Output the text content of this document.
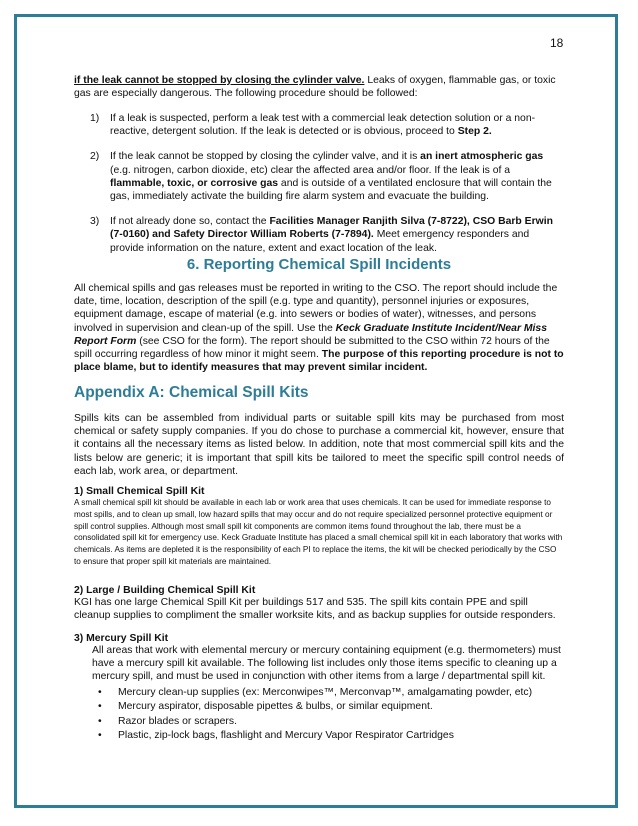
18

if the leak cannot be stopped by closing the cylinder valve. Leaks of oxygen, flammable gas, or toxic gas are especially dangerous. The following procedure should be followed:

1) If a leak is suspected, perform a leak test with a commercial leak detection solution or a non-reactive, detergent solution. If the leak is detected or is obvious, proceed to Step 2.
2) If the leak cannot be stopped by closing the cylinder valve, and it is an inert atmospheric gas (e.g. nitrogen, carbon dioxide, etc) clear the affected area and/or floor. If the leak is of a flammable, toxic, or corrosive gas and is outside of a ventilated enclosure that will contain the gas, immediately activate the building fire alarm system and evacuate the building.
3) If not already done so, contact the Facilities Manager Ranjith Silva (7-8722), CSO Barb Erwin (7-0160) and Safety Director William Roberts (7-7894). Meet emergency responders and provide information on the nature, extent and exact location of the leak.
6. Reporting Chemical Spill Incidents

All chemical spills and gas releases must be reported in writing to the CSO. The report should include the date, time, location, description of the spill (e.g. type and quantity), personnel injuries or exposures, equipment damage, escape of material (e.g. into sewers or bodies of water), witnesses, and persons involved in supervision and clean-up of the spill. Use the Keck Graduate Institute Incident/Near Miss Report Form (see CSO for the form). The report should be submitted to the CSO within 72 hours of the spill occurring regardless of how minor it might seem. The purpose of this reporting procedure is not to place blame, but to identify measures that may prevent similar incident.

Appendix A: Chemical Spill Kits

Spills kits can be assembled from individual parts or suitable spill kits may be purchased from most chemical or safety supply companies. If you do chose to purchase a commercial kit, however, ensure that it contains all the necessary items as listed below. In addition, note that most commercial spill kits and the lists below are generic; it is important that spill kits be tailored to meet the specific spill control needs of each lab, work area, or department.

1) Small Chemical Spill Kit

A small chemical spill kit should be available in each lab or work area that uses chemicals. It can be used for immediate response to most spills, and to clean up small, low hazard spills that may occur and do not require specialized personnel protective equipment or spill control supplies. Although most small spill kit components are common items found throughout the lab, there must be a consolidated spill kit for emergency use. Keck Graduate Institute has placed a small chemical spill kit in each laboratory that works with chemicals. As items are depleted it is the responsibility of each PI to replace the items, the kit will be checked periodically by the CSO to ensure that proper spill kit materials are maintained.

2) Large / Building Chemical Spill Kit

KGI has one large Chemical Spill Kit per buildings 517 and 535. The spill kits contain PPE and spill cleanup supplies to compliment the smaller worksite kits, and as backup supplies for outside responders.

3) Mercury Spill Kit

All areas that work with elemental mercury or mercury containing equipment (e.g. thermometers) must have a mercury spill kit available. The following list includes only those items specific to cleaning up a mercury spill, and must be used in conjunction with other items from a large / departmental spill kit.

• Mercury clean-up supplies (ex: Merconwipes™, Merconvap™, amalgamating powder, etc)
• Mercury aspirator, disposable pipettes & bulbs, or similar equipment.
• Razor blades or scrapers.
• Plastic, zip-lock bags, flashlight and Mercury Vapor Respirator Cartridges
